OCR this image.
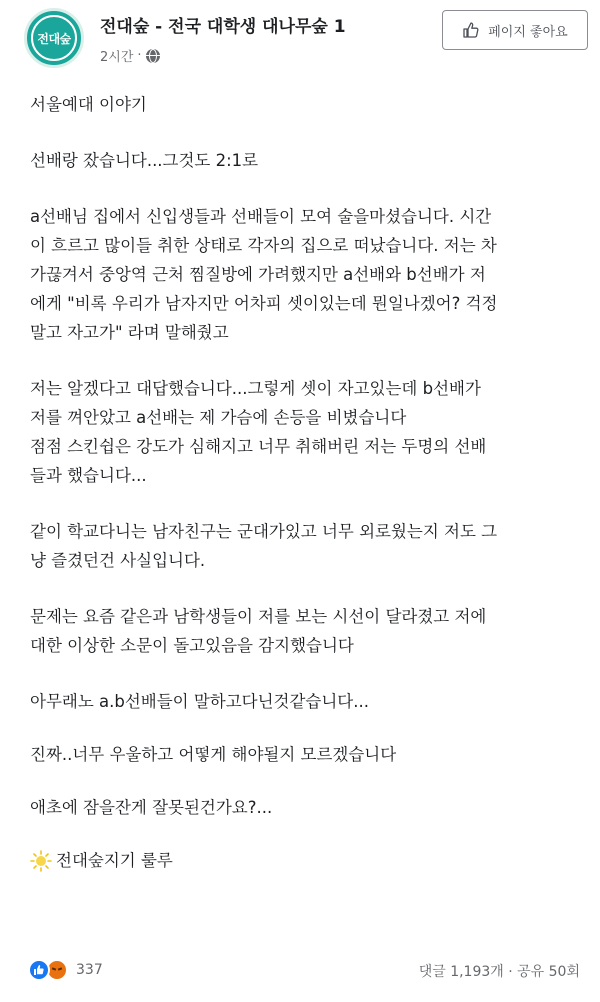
전대숲
전대숲 - 전국 대학생 대나무숲 1
2시간 ·
페이지 좋아요
서울예대 이야기
선배랑 잤습니다...그것도 2:1로
a선배님 집에서 신입생들과 선배들이 모여 술을마셨습니다. 시간
이 흐르고 많이들 취한 상태로 각자의 집으로 떠났습니다. 저는 차
가끊겨서 중앙역 근처 찜질방에 가려했지만 a선배와 b선배가 저
에게 "비록 우리가 남자지만 어차피 셋이있는데 뭔일나겠어? 걱정
말고 자고가" 라며 말해줬고
저는 알겠다고 대답했습니다...그렇게 셋이 자고있는데 b선배가
저를 껴안았고 a선배는 제 가슴에 손등을 비볐습니다
점점 스킨쉽은 강도가 심해지고 너무 취해버린 저는 두명의 선배
들과 했습니다...
같이 학교다니는 남자친구는 군대가있고 너무 외로웠는지 저도 그
냥 즐겼던건 사실입니다.
문제는 요즘 같은과 남학생들이 저를 보는 시선이 달라졌고 저에
대한 이상한 소문이 돌고있음을 감지했습니다
아무래노 a.b선배들이 말하고다닌것같습니다...
진짜..너무 우울하고 어떻게 해야될지 모르겠습니다
애초에 잠을잔게 잘못된건가요?...
전대숲지기 룰루
337	댓글 1,193개 · 공유 50회
